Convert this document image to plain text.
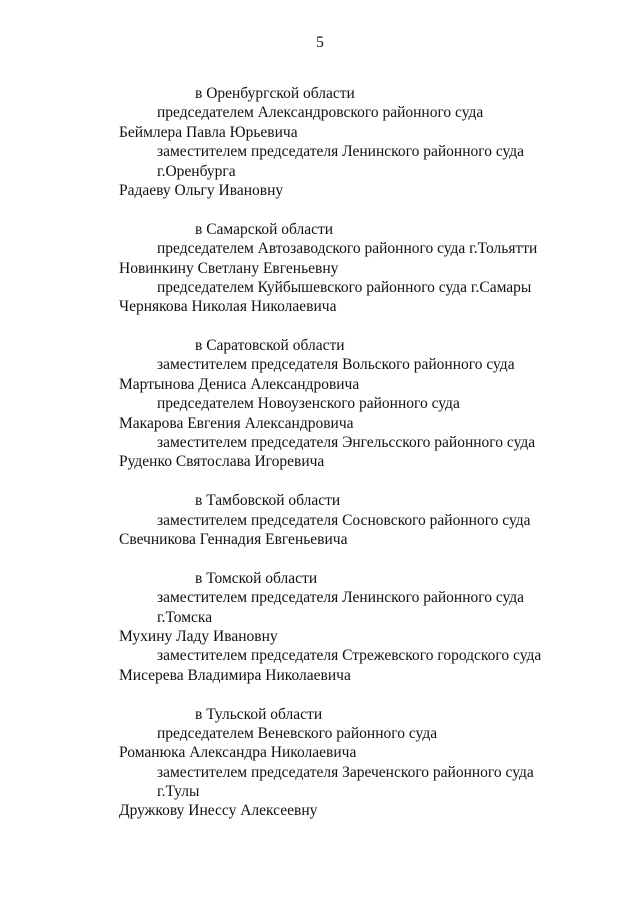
5
в Оренбургской области
председателем Александровского районного суда
Беймлера Павла Юрьевича
заместителем председателя Ленинского районного суда
г.Оренбурга
Радаеву Ольгу Ивановну
в Самарской области
председателем Автозаводского районного суда г.Тольятти
Новинкину Светлану Евгеньевну
председателем Куйбышевского районного суда г.Самары
Чернякова Николая Николаевича
в Саратовской области
заместителем председателя Вольского районного суда
Мартынова Дениса Александровича
председателем Новоузенского районного суда
Макарова Евгения Александровича
заместителем председателя Энгельсского районного суда
Руденко Святослава Игоревича
в Тамбовской области
заместителем председателя Сосновского районного суда
Свечникова Геннадия Евгеньевича
в Томской области
заместителем председателя Ленинского районного суда
г.Томска
Мухину Ладу Ивановну
заместителем председателя Стрежевского городского суда
Мисерева Владимира Николаевича
в Тульской области
председателем Веневского районного суда
Романюка Александра Николаевича
заместителем председателя Зареченского районного суда
г.Тулы
Дружкову Инессу Алексеевну
